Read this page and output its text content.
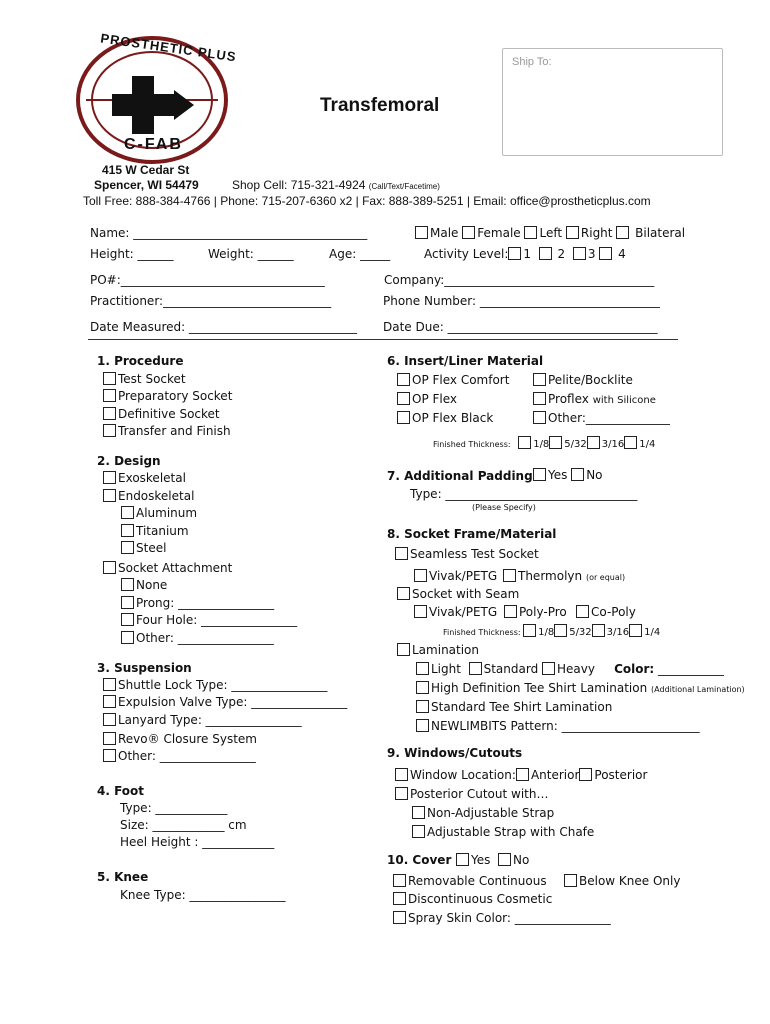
PROSTHETIC PLUS
C-FAB
Ship To:
Transfemoral
415 W Cedar St
Spencer, WI 54479	Shop Cell: 715-321-4924 (Call/Text/Facetime)
Toll Free: 888-384-4766 | Phone: 715-207-6360 x2 | Fax: 888-389-5251 | Email: office@prostheticplus.com
Name: _______________________________________	Male Female Left Right Bilateral
Height: ______	Weight: ______	Age: _____	Activity Level: 1 2 3 4
PO#:__________________________________	Company:___________________________________
Practitioner:____________________________	Phone Number: ______________________________
Date Measured: ____________________________ Date Due: ___________________________________
1. Procedure
Test Socket
Preparatory Socket
Definitive Socket
Transfer and Finish
2. Design
Exoskeletal
Endoskeletal
Aluminum
Titanium
Steel
Socket Attachment
None
Prong: ________________
Four Hole: ________________
Other: ________________
3. Suspension
Shuttle Lock Type: ________________
Expulsion Valve Type: ________________
Lanyard Type: ________________
Revo® Closure System
Other: ________________
4. Foot
Type: ____________
Size: ____________ cm
Heel Height : ____________
5. Knee
Knee Type: ________________
6. Insert/Liner Material
OP Flex Comfort	Pelite/Bocklite
OP Flex	Proflex with Silicone
OP Flex Black	Other:______________
Finished Thickness: 1/8 5/32 3/16 1/4
7. Additional Padding	Yes No
Type: ________________________________
(Please Specify)
8. Socket Frame/Material
Seamless Test Socket
Vivak/PETG	Thermolyn (or equal)
Socket with Seam
Vivak/PETG	Poly-Pro	Co-Poly
Finished Thickness: 1/8 5/32 3/16 1/4
Lamination
Light Standard Heavy Color: ___________
High Definition Tee Shirt Lamination (Additional Lamination)
Standard Tee Shirt Lamination
NEWLIMBITS Pattern: _______________________
9. Windows/Cutouts
Window Location: Anterior Posterior
Posterior Cutout with…
Non-Adjustable Strap
Adjustable Strap with Chafe
10. Cover	Yes No
Removable Continuous	Below Knee Only
Discontinuous Cosmetic
Spray Skin Color: ________________
